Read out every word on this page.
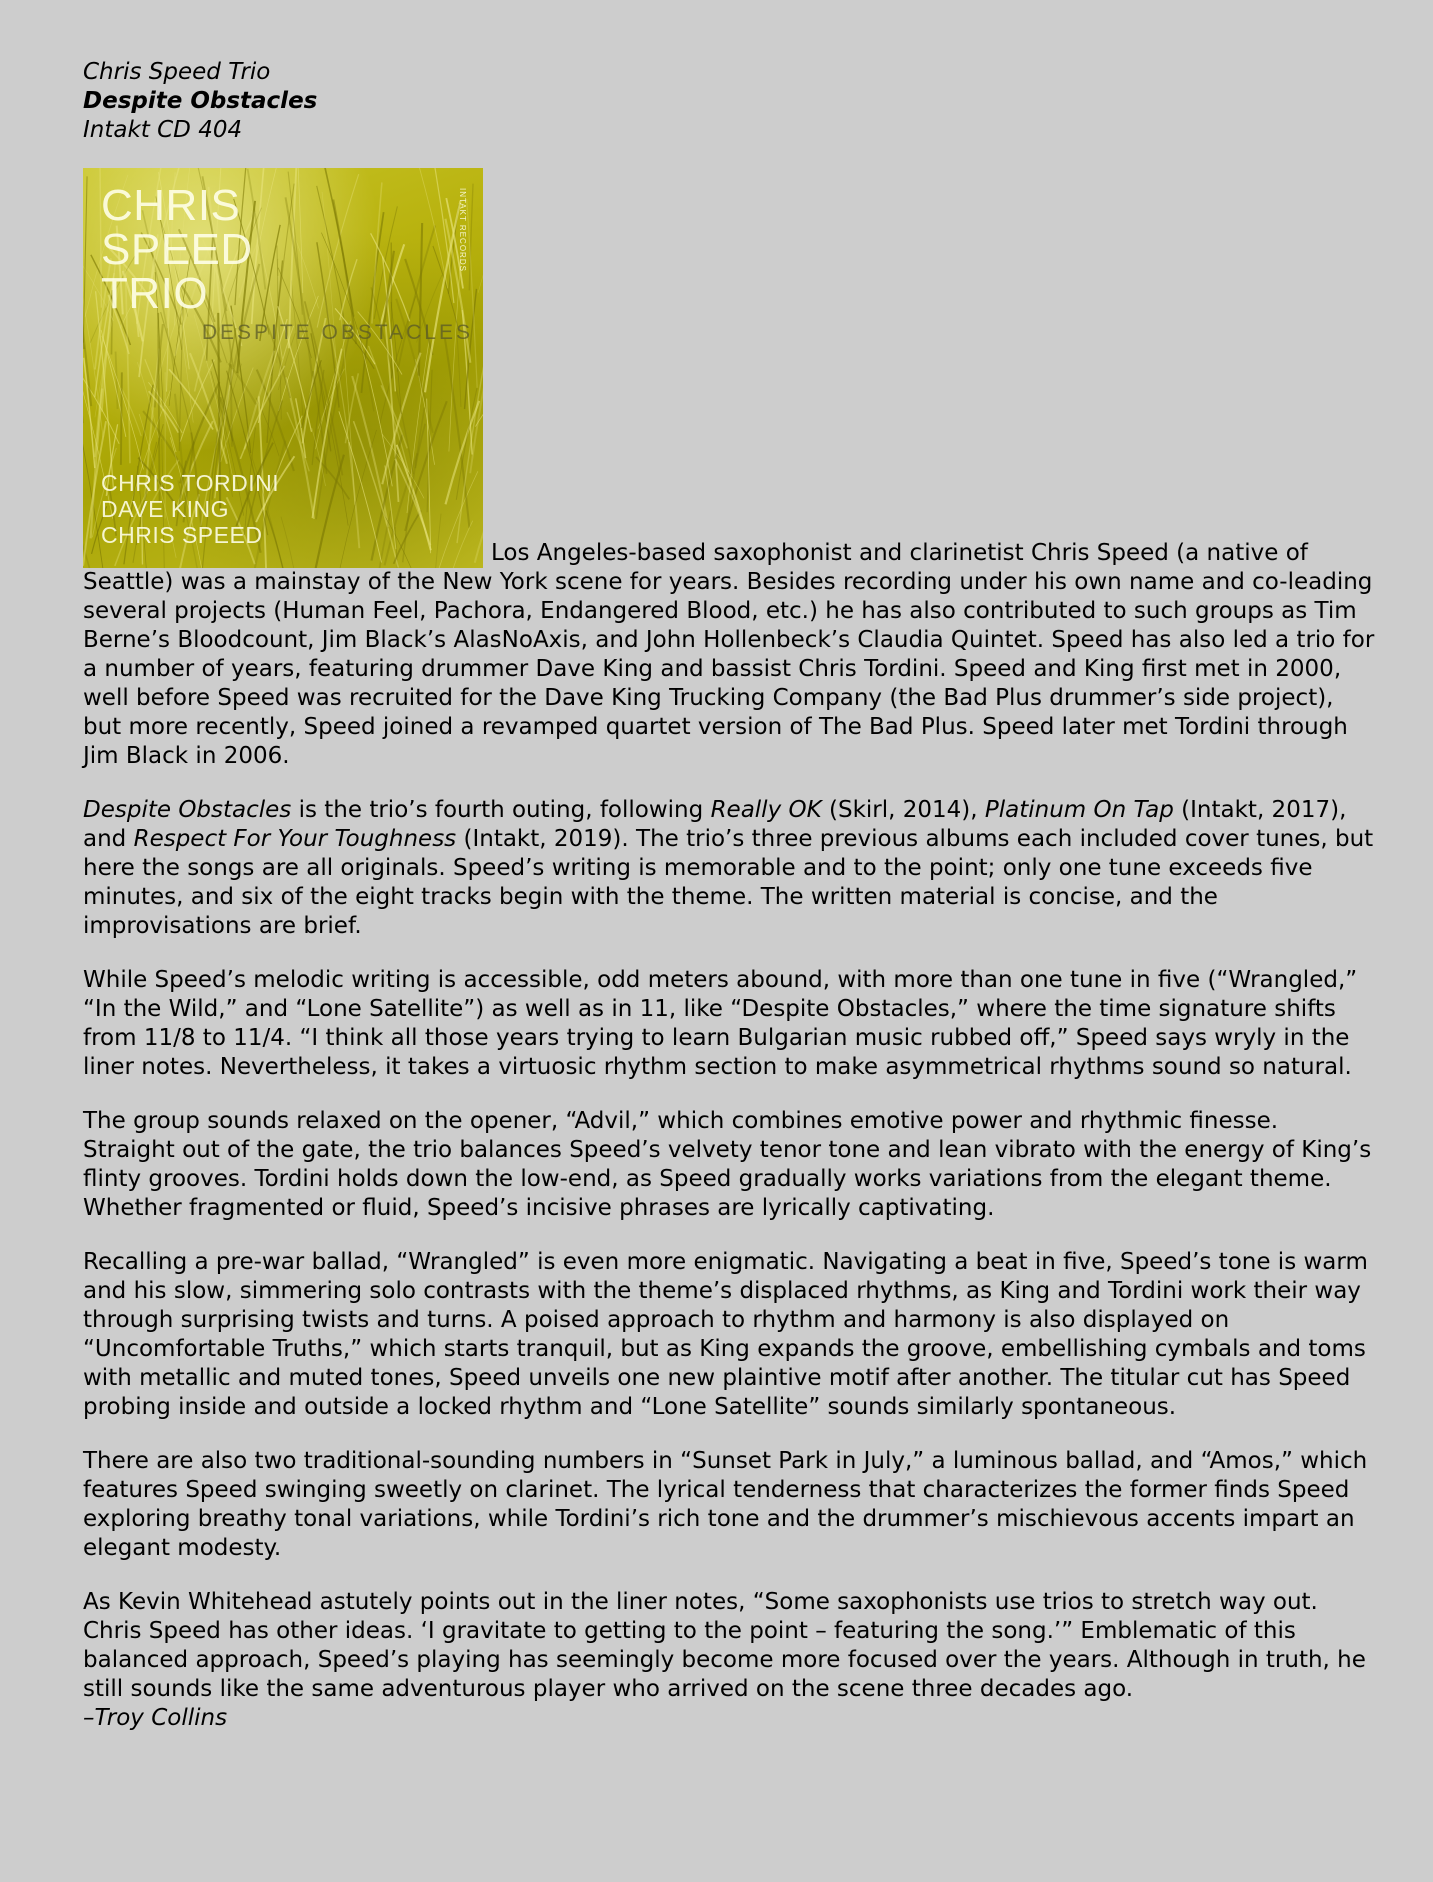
Chris Speed Trio
Despite Obstacles
Intakt CD 404

CHRIS
SPEED
TRIO
DESPITE OBSTACLES
CHRIS TORDINI
DAVE KING
CHRIS SPEED
INTAKT RECORDS
Los Angeles-based saxophonist and clarinetist Chris Speed (a native of Seattle) was a mainstay of the New York scene for years. Besides recording under his own name and co-leading several projects (Human Feel, Pachora, Endangered Blood, etc.) he has also contributed to such groups as Tim Berne’s Bloodcount, Jim Black’s AlasNoAxis, and John Hollenbeck’s Claudia Quintet. Speed has also led a trio for a number of years, featuring drummer Dave King and bassist Chris Tordini. Speed and King first met in 2000, well before Speed was recruited for the Dave King Trucking Company (the Bad Plus drummer’s side project), but more recently, Speed joined a revamped quartet version of The Bad Plus. Speed later met Tordini through Jim Black in 2006.

Despite Obstacles is the trio’s fourth outing, following Really OK (Skirl, 2014), Platinum On Tap (Intakt, 2017), and Respect For Your Toughness (Intakt, 2019). The trio’s three previous albums each included cover tunes, but here the songs are all originals. Speed’s writing is memorable and to the point; only one tune exceeds five minutes, and six of the eight tracks begin with the theme. The written material is concise, and the improvisations are brief.

While Speed’s melodic writing is accessible, odd meters abound, with more than one tune in five (“Wrangled,” “In the Wild,” and “Lone Satellite”) as well as in 11, like “Despite Obstacles,” where the time signature shifts from 11/8 to 11/4. “I think all those years trying to learn Bulgarian music rubbed off,” Speed says wryly in the liner notes. Nevertheless, it takes a virtuosic rhythm section to make asymmetrical rhythms sound so natural.

The group sounds relaxed on the opener, “Advil,” which combines emotive power and rhythmic finesse. Straight out of the gate, the trio balances Speed’s velvety tenor tone and lean vibrato with the energy of King’s flinty grooves. Tordini holds down the low-end, as Speed gradually works variations from the elegant theme. Whether fragmented or fluid, Speed’s incisive phrases are lyrically captivating.

Recalling a pre-war ballad, “Wrangled” is even more enigmatic. Navigating a beat in five, Speed’s tone is warm and his slow, simmering solo contrasts with the theme’s displaced rhythms, as King and Tordini work their way through surprising twists and turns. A poised approach to rhythm and harmony is also displayed on “Uncomfortable Truths,” which starts tranquil, but as King expands the groove, embellishing cymbals and toms with metallic and muted tones, Speed unveils one new plaintive motif after another. The titular cut has Speed probing inside and outside a locked rhythm and “Lone Satellite” sounds similarly spontaneous.

There are also two traditional-sounding numbers in “Sunset Park in July,” a luminous ballad, and “Amos,” which features Speed swinging sweetly on clarinet. The lyrical tenderness that characterizes the former finds Speed exploring breathy tonal variations, while Tordini’s rich tone and the drummer’s mischievous accents impart an elegant modesty.

As Kevin Whitehead astutely points out in the liner notes, “Some saxophonists use trios to stretch way out. Chris Speed has other ideas. ‘I gravitate to getting to the point – featuring the song.’” Emblematic of this balanced approach, Speed’s playing has seemingly become more focused over the years. Although in truth, he still sounds like the same adventurous player who arrived on the scene three decades ago.

–Troy Collins
